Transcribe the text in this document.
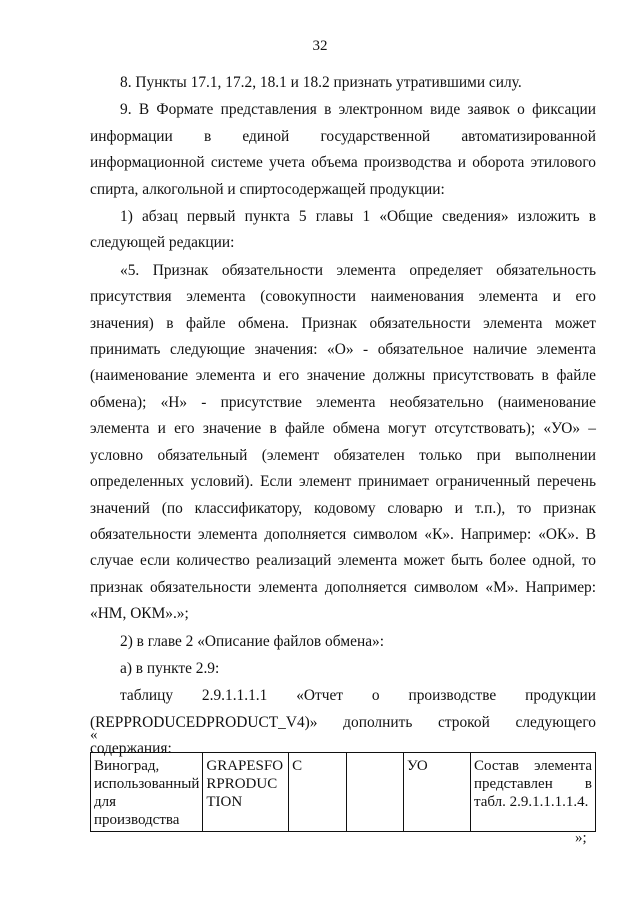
32

8. Пункты 17.1, 17.2, 18.1 и 18.2 признать утратившими силу.

9. В Формате представления в электронном виде заявок о фиксации информации в единой государственной автоматизированной информационной системе учета объема производства и оборота этилового спирта, алкогольной и спиртосодержащей продукции:

1) абзац первый пункта 5 главы 1 «Общие сведения» изложить в следующей редакции:

«5. Признак обязательности элемента определяет обязательность присутствия элемента (совокупности наименования элемента и его значения) в файле обмена. Признак обязательности элемента может принимать следующие значения: «О» - обязательное наличие элемента (наименование элемента и его значение должны присутствовать в файле обмена); «Н» - присутствие элемента необязательно (наименование элемента и его значение в файле обмена могут отсутствовать); «УО» – условно обязательный (элемент обязателен только при выполнении определенных условий). Если элемент принимает ограниченный перечень значений (по классификатору, кодовому словарю и т.п.), то признак обязательности элемента дополняется символом «К». Например: «ОК». В случае если количество реализаций элемента может быть более одной, то признак обязательности элемента дополняется символом «М». Например: «НМ, ОКМ».»;

2) в главе 2 «Описание файлов обмена»:

а) в пункте 2.9:

таблицу 2.9.1.1.1.1 «Отчет о производстве продукции (REPPRODUCEDPRODUCT_V4)» дополнить строкой следующего содержания:

«
Виноград, использованный для производства	GRAPESFORPRODUCTION	С		УО	Состав элемента представлен в табл. 2.9.1.1.1.1.4.
»;
